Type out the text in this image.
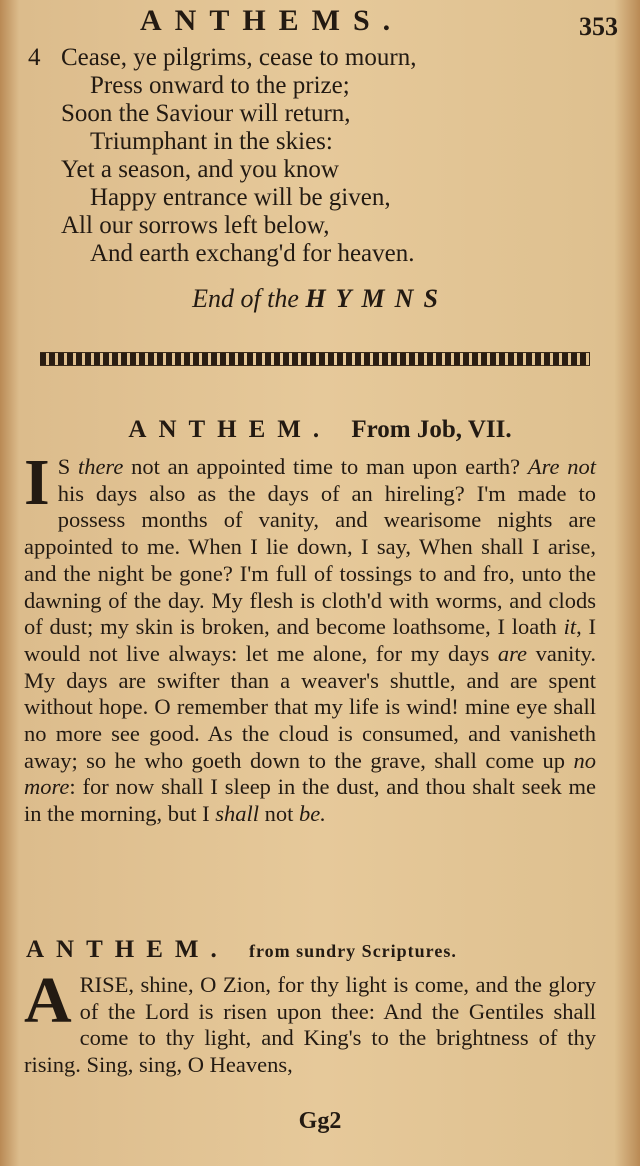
ANTHEMS.	353
4 Cease, ye pilgrims, cease to mourn,
Press onward to the prize;
Soon the Saviour will return,
Triumphant in the skies:
Yet a season, and you know
Happy entrance will be given,
All our sorrows left below,
And earth exchang'd for heaven.
End of the HYMNS
ANTHEM. From Job, VII.
I S there not an appointed time to man upon earth? Are not his days also as the days of an hireling? I'm made to possess months of vanity, and wearisome nights are appointed to me. When I lie down, I say, When shall I arise, and the night be gone? I'm full of tossings to and fro, unto the dawning of the day. My flesh is cloth'd with worms, and clods of dust; my skin is broken, and become loathsome, I loath it, I would not live always: let me alone, for my days are vanity. My days are swifter than a weaver's shuttle, and are spent without hope. O remember that my life is wind! mine eye shall no more see good. As the cloud is consumed, and vanisheth away; so he who goeth down to the grave, shall come up no more: for now shall I sleep in the dust, and thou shalt seek me in the morning, but I shall not be.
ANTHEM. from sundry Scriptures.
A RISE, shine, O Zion, for thy light is come, and the glory of the Lord is risen upon thee: And the Gentiles shall come to thy light, and King's to the brightness of thy rising. Sing, sing, O Heavens,
Gg2
